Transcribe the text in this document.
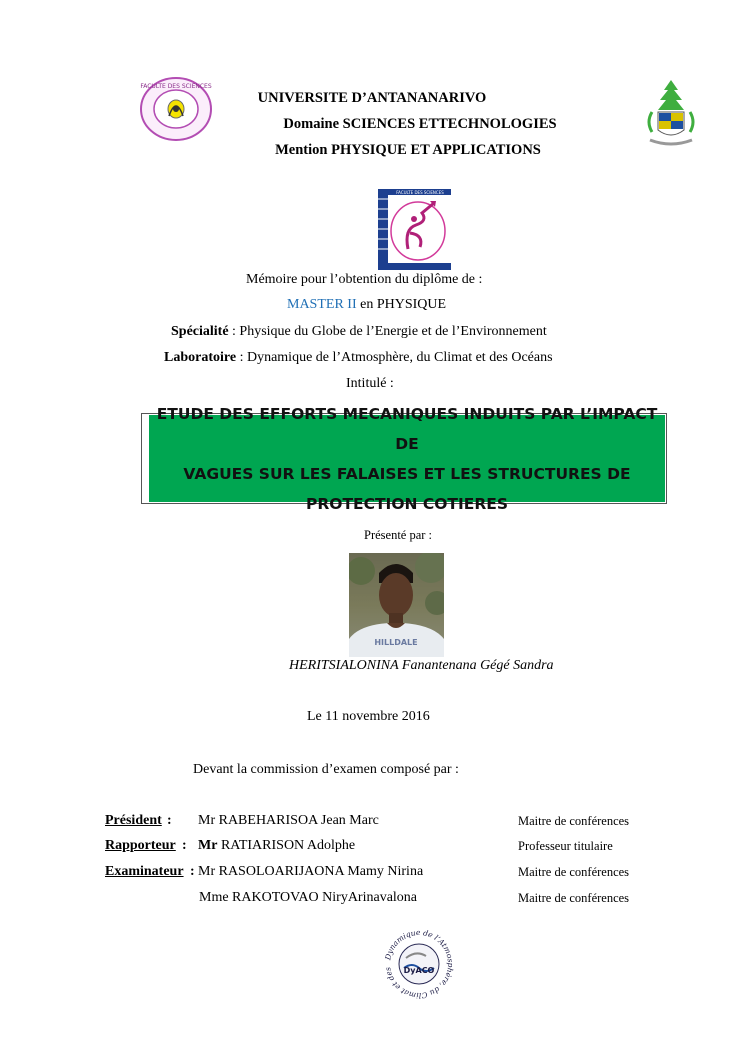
FACULTE DES SCIENCES
UNIVERSITE D’ANTANANARIVO
Domaine SCIENCES ETTECHNOLOGIES
Mention PHYSIQUE ET APPLICATIONS
FACULTE DES SCIENCES
Mémoire pour l’obtention du diplôme de :
MASTER II en PHYSIQUE
Spécialité : Physique du Globe de l’Energie et de l’Environnement
Laboratoire : Dynamique de l’Atmosphère, du Climat et des Océans
Intitulé :
ETUDE DES EFFORTS MECANIQUES INDUITS PAR L’IMPACT DE
VAGUES SUR LES FALAISES ET LES STRUCTURES DE
PROTECTION COTIERES
Présenté par :
HILLDALE
HERITSIALONINA Fanantenana Gégé Sandra
Le 11 novembre 2016
Devant la commission d’examen composé par :
Président : Mr RABEHARISOA Jean Marc	Maitre de conférences
Rapporteur : Mr RATIARISON Adolphe	Professeur titulaire
Examinateur : Mr RASOLOARIJAONA Mamy Nirina	Maitre de conférences
Mme RAKOTOVAO NiryArinavalona	Maitre de conférences
Dynamique de l’Atmosphère, du Climat et des	DyACO
